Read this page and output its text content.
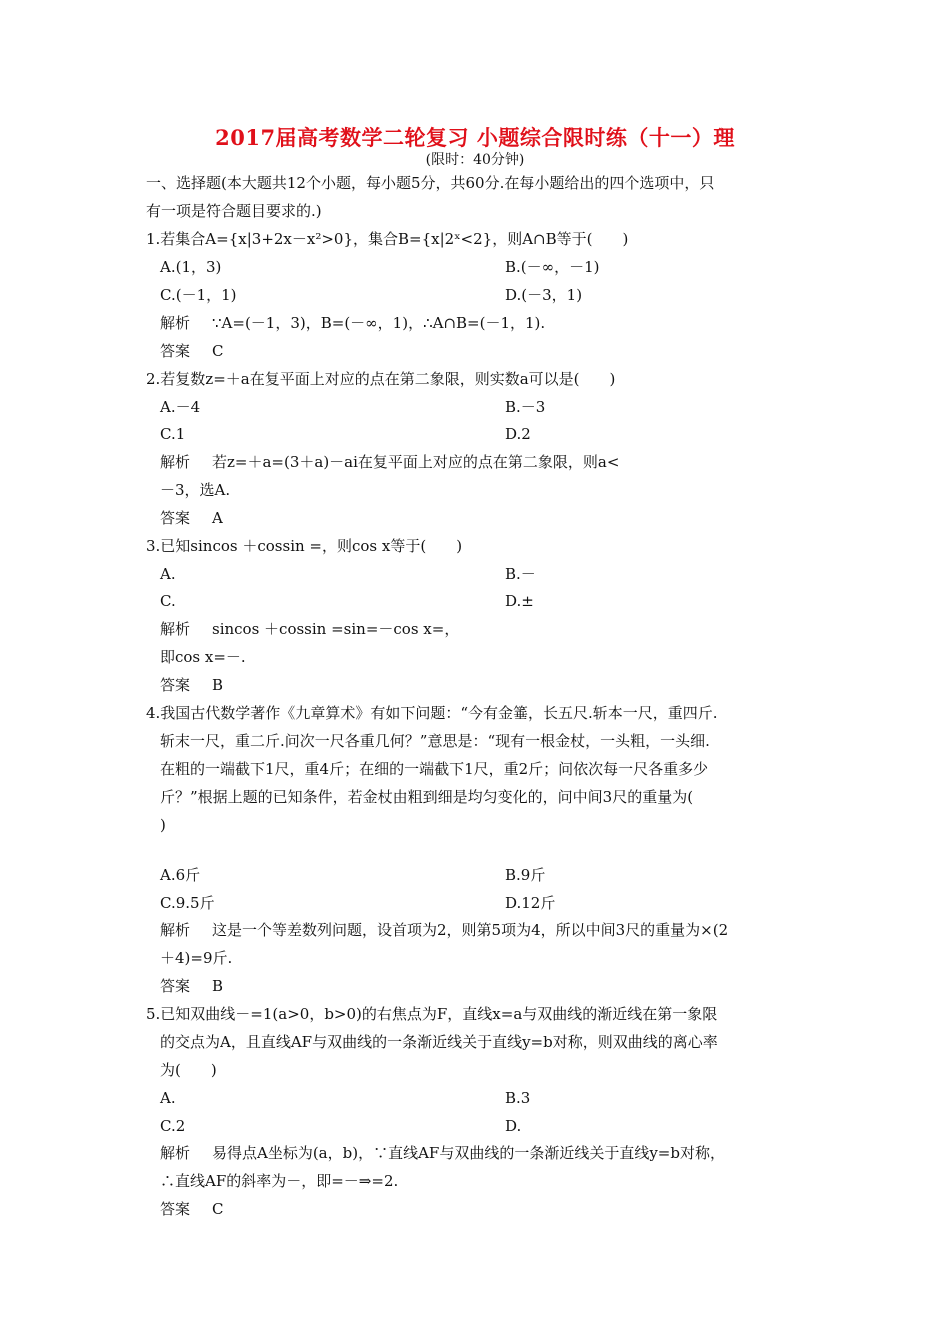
2017届高考数学二轮复习 小题综合限时练（十一）理
(限时：40分钟)
一、选择题(本大题共12个小题，每小题5分，共60分.在每小题给出的四个选项中，只
有一项是符合题目要求的.)
1.若集合A={x|3+2x－x²>0}，集合B={x|2ˣ<2}，则A∩B等于(　　)
A.(1，3)	B.(－∞，－1)
C.(－1，1)	D.(－3，1)
解析 ∵A=(－1，3)，B=(－∞，1)，∴A∩B=(－1，1).
答案 C
2.若复数z=＋a在复平面上对应的点在第二象限，则实数a可以是(　　)
A.－4	B.－3
C.1	D.2
解析 若z=＋a=(3＋a)－ai在复平面上对应的点在第二象限，则a<
－3，选A.
答案 A
3.已知sincos ＋cossin =，则cos x等于(　　)
A.	B.－
C.	D.±
解析 sincos ＋cossin =sin=－cos x=，
即cos x=－.
答案 B
4.我国古代数学著作《九章算术》有如下问题：“今有金箠，长五尺.斩本一尺，重四斤.
斩末一尺，重二斤.问次一尺各重几何？”意思是：“现有一根金杖，一头粗，一头细.
在粗的一端截下1尺，重4斤；在细的一端截下1尺，重2斤；问依次每一尺各重多少
斤？”根据上题的已知条件，若金杖由粗到细是均匀变化的，问中间3尺的重量为(
)
A.6斤	B.9斤
C.9.5斤	D.12斤
解析 这是一个等差数列问题，设首项为2，则第5项为4，所以中间3尺的重量为×(2
＋4)=9斤.
答案 B
5.已知双曲线－=1(a>0，b>0)的右焦点为F，直线x=a与双曲线的渐近线在第一象限
的交点为A，且直线AF与双曲线的一条渐近线关于直线y=b对称，则双曲线的离心率
为(　　)
A.	B.3
C.2	D.
解析 易得点A坐标为(a，b)，∵直线AF与双曲线的一条渐近线关于直线y=b对称，
∴直线AF的斜率为－，即=－⇒=2.
答案 C
